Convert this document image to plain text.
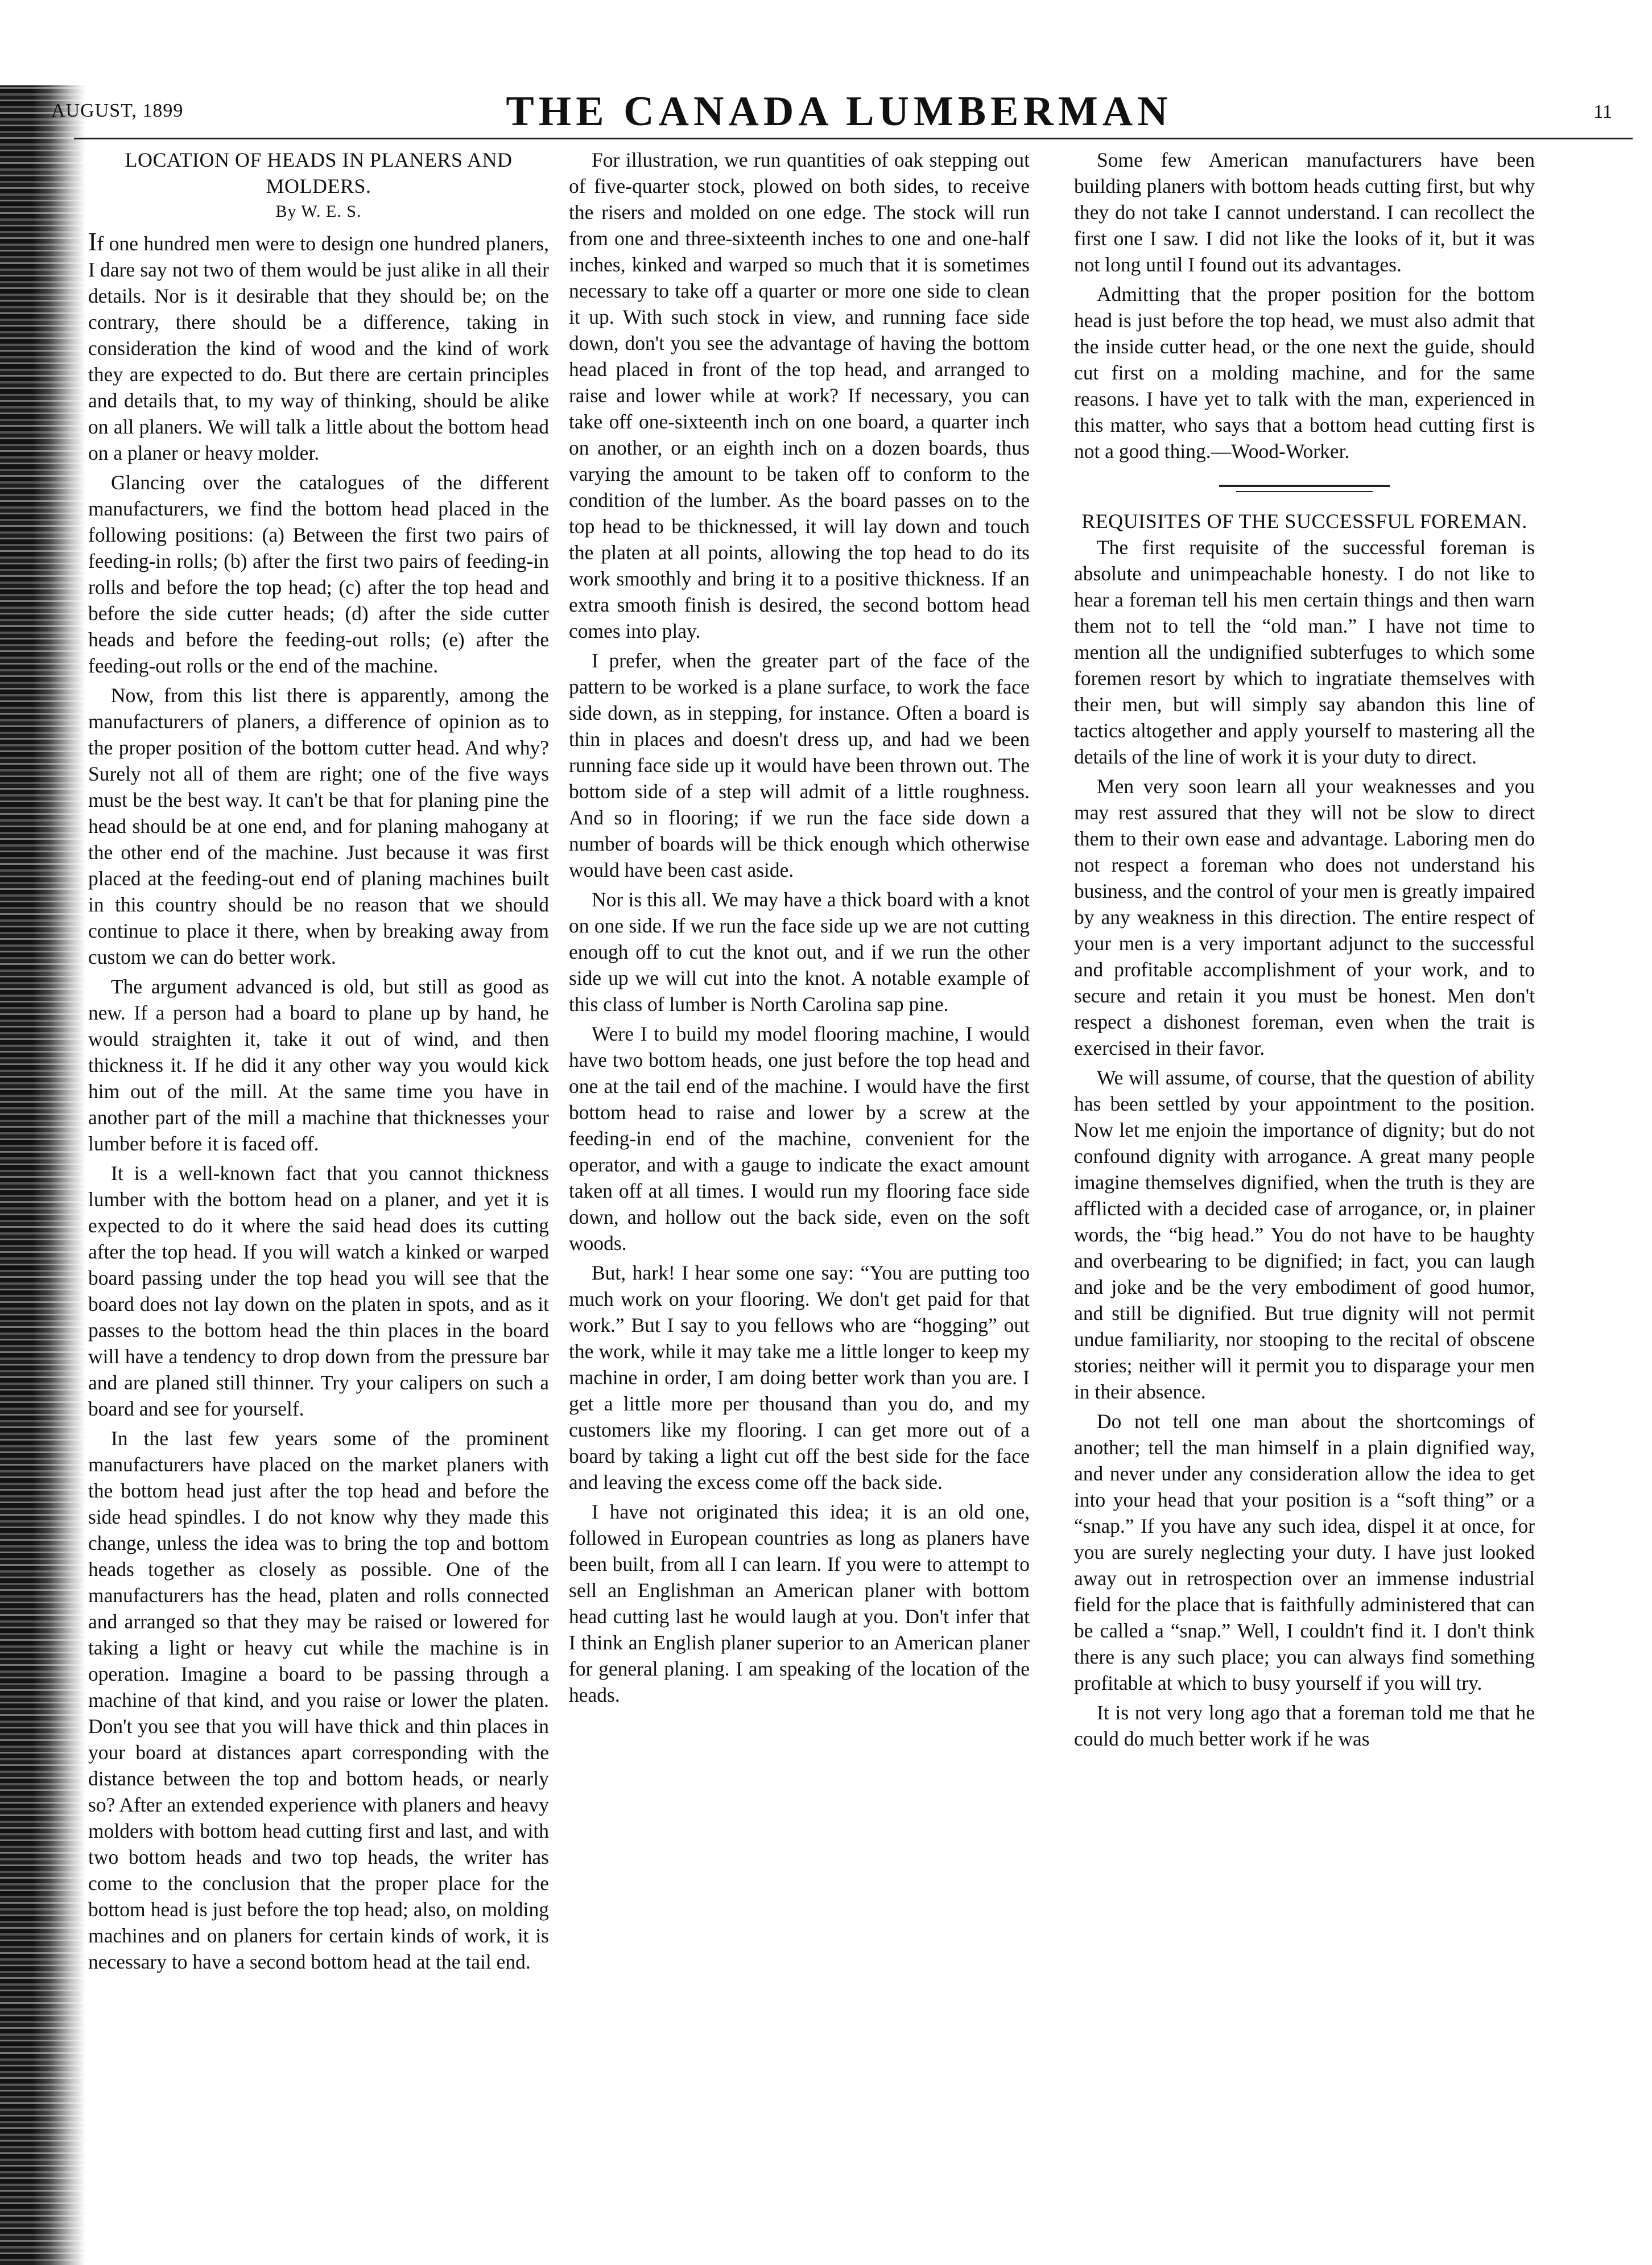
AUGUST, 1899	THE CANADA LUMBERMAN	11
LOCATION OF HEADS IN PLANERS AND MOLDERS.
By W. E. S.

If one hundred men were to design one hundred planers, I dare say not two of them would be just alike in all their details. Nor is it desirable that they should be; on the contrary, there should be a difference, taking in consideration the kind of wood and the kind of work they are expected to do. But there are certain principles and details that, to my way of thinking, should be alike on all planers. We will talk a little about the bottom head on a planer or heavy molder.

Glancing over the catalogues of the different manufacturers, we find the bottom head placed in the following positions: (a) Between the first two pairs of feeding-in rolls; (b) after the first two pairs of feeding-in rolls and before the top head; (c) after the top head and before the side cutter heads; (d) after the side cutter heads and before the feeding-out rolls; (e) after the feeding-out rolls or the end of the machine.

Now, from this list there is apparently, among the manufacturers of planers, a difference of opinion as to the proper position of the bottom cutter head. And why? Surely not all of them are right; one of the five ways must be the best way. It can't be that for planing pine the head should be at one end, and for planing mahogany at the other end of the machine. Just because it was first placed at the feeding-out end of planing machines built in this country should be no reason that we should continue to place it there, when by breaking away from custom we can do better work.

The argument advanced is old, but still as good as new. If a person had a board to plane up by hand, he would straighten it, take it out of wind, and then thickness it. If he did it any other way you would kick him out of the mill. At the same time you have in another part of the mill a machine that thicknesses your lumber before it is faced off.

It is a well-known fact that you cannot thickness lumber with the bottom head on a planer, and yet it is expected to do it where the said head does its cutting after the top head. If you will watch a kinked or warped board passing under the top head you will see that the board does not lay down on the platen in spots, and as it passes to the bottom head the thin places in the board will have a tendency to drop down from the pressure bar and are planed still thinner. Try your calipers on such a board and see for yourself.

In the last few years some of the prominent manufacturers have placed on the market planers with the bottom head just after the top head and before the side head spindles. I do not know why they made this change, unless the idea was to bring the top and bottom heads together as closely as possible. One of the manufacturers has the head, platen and rolls connected and arranged so that they may be raised or lowered for taking a light or heavy cut while the machine is in operation. Imagine a board to be passing through a machine of that kind, and you raise or lower the platen. Don't you see that you will have thick and thin places in your board at distances apart corresponding with the distance between the top and bottom heads, or nearly so? After an extended experience with planers and heavy molders with bottom head cutting first and last, and with two bottom heads and two top heads, the writer has come to the conclusion that the proper place for the bottom head is just before the top head; also, on molding machines and on planers for certain kinds of work, it is necessary to have a second bottom head at the tail end.

For illustration, we run quantities of oak stepping out of five-quarter stock, plowed on both sides, to receive the risers and molded on one edge. The stock will run from one and three-sixteenth inches to one and one-half inches, kinked and warped so much that it is sometimes necessary to take off a quarter or more one side to clean it up. With such stock in view, and running face side down, don't you see the advantage of having the bottom head placed in front of the top head, and arranged to raise and lower while at work? If necessary, you can take off one-sixteenth inch on one board, a quarter inch on another, or an eighth inch on a dozen boards, thus varying the amount to be taken off to conform to the condition of the lumber. As the board passes on to the top head to be thicknessed, it will lay down and touch the platen at all points, allowing the top head to do its work smoothly and bring it to a positive thickness. If an extra smooth finish is desired, the second bottom head comes into play.

I prefer, when the greater part of the face of the pattern to be worked is a plane surface, to work the face side down, as in stepping, for instance. Often a board is thin in places and doesn't dress up, and had we been running face side up it would have been thrown out. The bottom side of a step will admit of a little roughness. And so in flooring; if we run the face side down a number of boards will be thick enough which otherwise would have been cast aside.

Nor is this all. We may have a thick board with a knot on one side. If we run the face side up we are not cutting enough off to cut the knot out, and if we run the other side up we will cut into the knot. A notable example of this class of lumber is North Carolina sap pine.

Were I to build my model flooring machine, I would have two bottom heads, one just before the top head and one at the tail end of the machine. I would have the first bottom head to raise and lower by a screw at the feeding-in end of the machine, convenient for the operator, and with a gauge to indicate the exact amount taken off at all times. I would run my flooring face side down, and hollow out the back side, even on the soft woods.

But, hark! I hear some one say: “You are putting too much work on your flooring. We don't get paid for that work.” But I say to you fellows who are “hogging” out the work, while it may take me a little longer to keep my machine in order, I am doing better work than you are. I get a little more per thousand than you do, and my customers like my flooring. I can get more out of a board by taking a light cut off the best side for the face and leaving the excess come off the back side.

I have not originated this idea; it is an old one, followed in European countries as long as planers have been built, from all I can learn. If you were to attempt to sell an Englishman an American planer with bottom head cutting last he would laugh at you. Don't infer that I think an English planer superior to an American planer for general planing. I am speaking of the location of the heads.

Some few American manufacturers have been building planers with bottom heads cutting first, but why they do not take I cannot understand. I can recollect the first one I saw. I did not like the looks of it, but it was not long until I found out its advantages.

Admitting that the proper position for the bottom head is just before the top head, we must also admit that the inside cutter head, or the one next the guide, should cut first on a molding machine, and for the same reasons. I have yet to talk with the man, experienced in this matter, who says that a bottom head cutting first is not a good thing.—Wood-Worker.

REQUISITES OF THE SUCCESSFUL FOREMAN.

The first requisite of the successful foreman is absolute and unimpeachable honesty. I do not like to hear a foreman tell his men certain things and then warn them not to tell the “old man.” I have not time to mention all the undignified subterfuges to which some foremen resort by which to ingratiate themselves with their men, but will simply say abandon this line of tactics altogether and apply yourself to mastering all the details of the line of work it is your duty to direct.

Men very soon learn all your weaknesses and you may rest assured that they will not be slow to direct them to their own ease and advantage. Laboring men do not respect a foreman who does not understand his business, and the control of your men is greatly impaired by any weakness in this direction. The entire respect of your men is a very important adjunct to the successful and profitable accomplishment of your work, and to secure and retain it you must be honest. Men don't respect a dishonest foreman, even when the trait is exercised in their favor.

We will assume, of course, that the question of ability has been settled by your appointment to the position. Now let me enjoin the importance of dignity; but do not confound dignity with arrogance. A great many people imagine themselves dignified, when the truth is they are afflicted with a decided case of arrogance, or, in plainer words, the “big head.” You do not have to be haughty and overbearing to be dignified; in fact, you can laugh and joke and be the very embodiment of good humor, and still be dignified. But true dignity will not permit undue familiarity, nor stooping to the recital of obscene stories; neither will it permit you to disparage your men in their absence.

Do not tell one man about the shortcomings of another; tell the man himself in a plain dignified way, and never under any consideration allow the idea to get into your head that your position is a “soft thing” or a “snap.” If you have any such idea, dispel it at once, for you are surely neglecting your duty. I have just looked away out in retrospection over an immense industrial field for the place that is faithfully administered that can be called a “snap.” Well, I couldn't find it. I don't think there is any such place; you can always find something profitable at which to busy yourself if you will try.

It is not very long ago that a foreman told me that he could do much better work if he was
